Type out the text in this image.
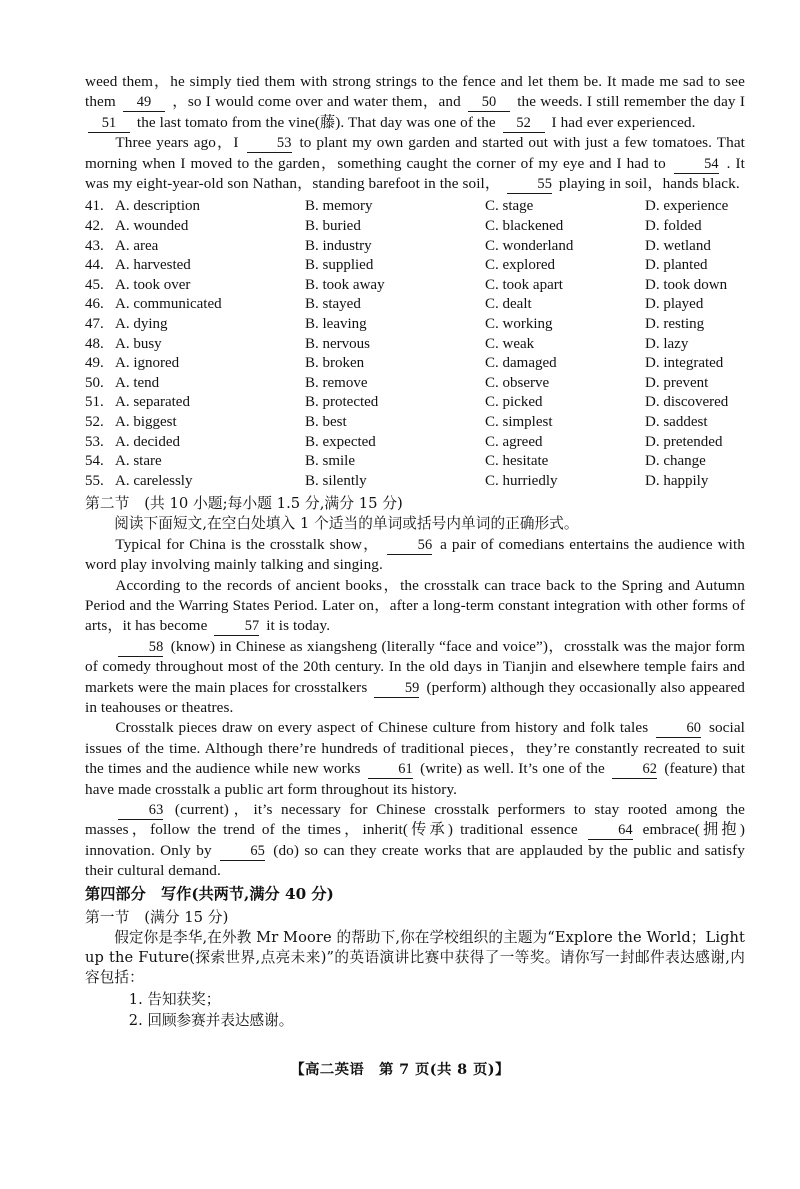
weed them，he simply tied them with strong strings to the fence and let them be. It made me sad to see them 49 ，so I would come over and water them，and 50 the weeds. I still remember the day I 51 the last tomato from the vine(藤). That day was one of the 52 I had ever experienced.

Three years ago，I 53 to plant my own garden and started out with just a few tomatoes. That morning when I moved to the garden，something caught the corner of my eye and I had to 54 . It was my eight-year-old son Nathan，standing barefoot in the soil， 55 playing in soil，hands black.

41. A. description	B. memory	C. stage	D. experience
42. A. wounded	B. buried	C. blackened	D. folded
43. A. area	B. industry	C. wonderland	D. wetland
44. A. harvested	B. supplied	C. explored	D. planted
45. A. took over	B. took away	C. took apart	D. took down
46. A. communicated	B. stayed	C. dealt	D. played
47. A. dying	B. leaving	C. working	D. resting
48. A. busy	B. nervous	C. weak	D. lazy
49. A. ignored	B. broken	C. damaged	D. integrated
50. A. tend	B. remove	C. observe	D. prevent
51. A. separated	B. protected	C. picked	D. discovered
52. A. biggest	B. best	C. simplest	D. saddest
53. A. decided	B. expected	C. agreed	D. pretended
54. A. stare	B. smile	C. hesitate	D. change
55. A. carelessly	B. silently	C. hurriedly	D. happily
第二节　(共 10 小题;每小题 1.5 分,满分 15 分)
阅读下面短文,在空白处填入 1 个适当的单词或括号内单词的正确形式。

Typical for China is the crosstalk show， 56 a pair of comedians entertains the audience with word play involving mainly talking and singing.

According to the records of ancient books，the crosstalk can trace back to the Spring and Autumn Period and the Warring States Period. Later on，after a long-term constant integration with other forms of arts，it has become 57 it is today.

58 (know) in Chinese as xiangsheng (literally “face and voice”)，crosstalk was the major form of comedy throughout most of the 20th century. In the old days in Tianjin and elsewhere temple fairs and markets were the main places for crosstalkers 59 (perform) although they occasionally also appeared in teahouses or theatres.

Crosstalk pieces draw on every aspect of Chinese culture from history and folk tales 60 social issues of the time. Although there’re hundreds of traditional pieces，they’re constantly recreated to suit the times and the audience while new works 61 (write) as well. It’s one of the 62 (feature) that have made crosstalk a public art form throughout its history.

63 (current)，it’s necessary for Chinese crosstalk performers to stay rooted among the masses，follow the trend of the times，inherit(传承) traditional essence 64 embrace(拥抱) innovation. Only by 65 (do) so can they create works that are applauded by the public and satisfy their cultural demand.

第四部分　写作(共两节,满分 40 分)
第一节　(满分 15 分)
假定你是李华,在外教 Mr Moore 的帮助下,你在学校组织的主题为“Explore the World；Light up the Future(探索世界,点亮未来)”的英语演讲比赛中获得了一等奖。请你写一封邮件表达感谢,内容包括：
1. 告知获奖；
2. 回顾参赛并表达感谢。
【高二英语　第 7 页(共 8 页)】
